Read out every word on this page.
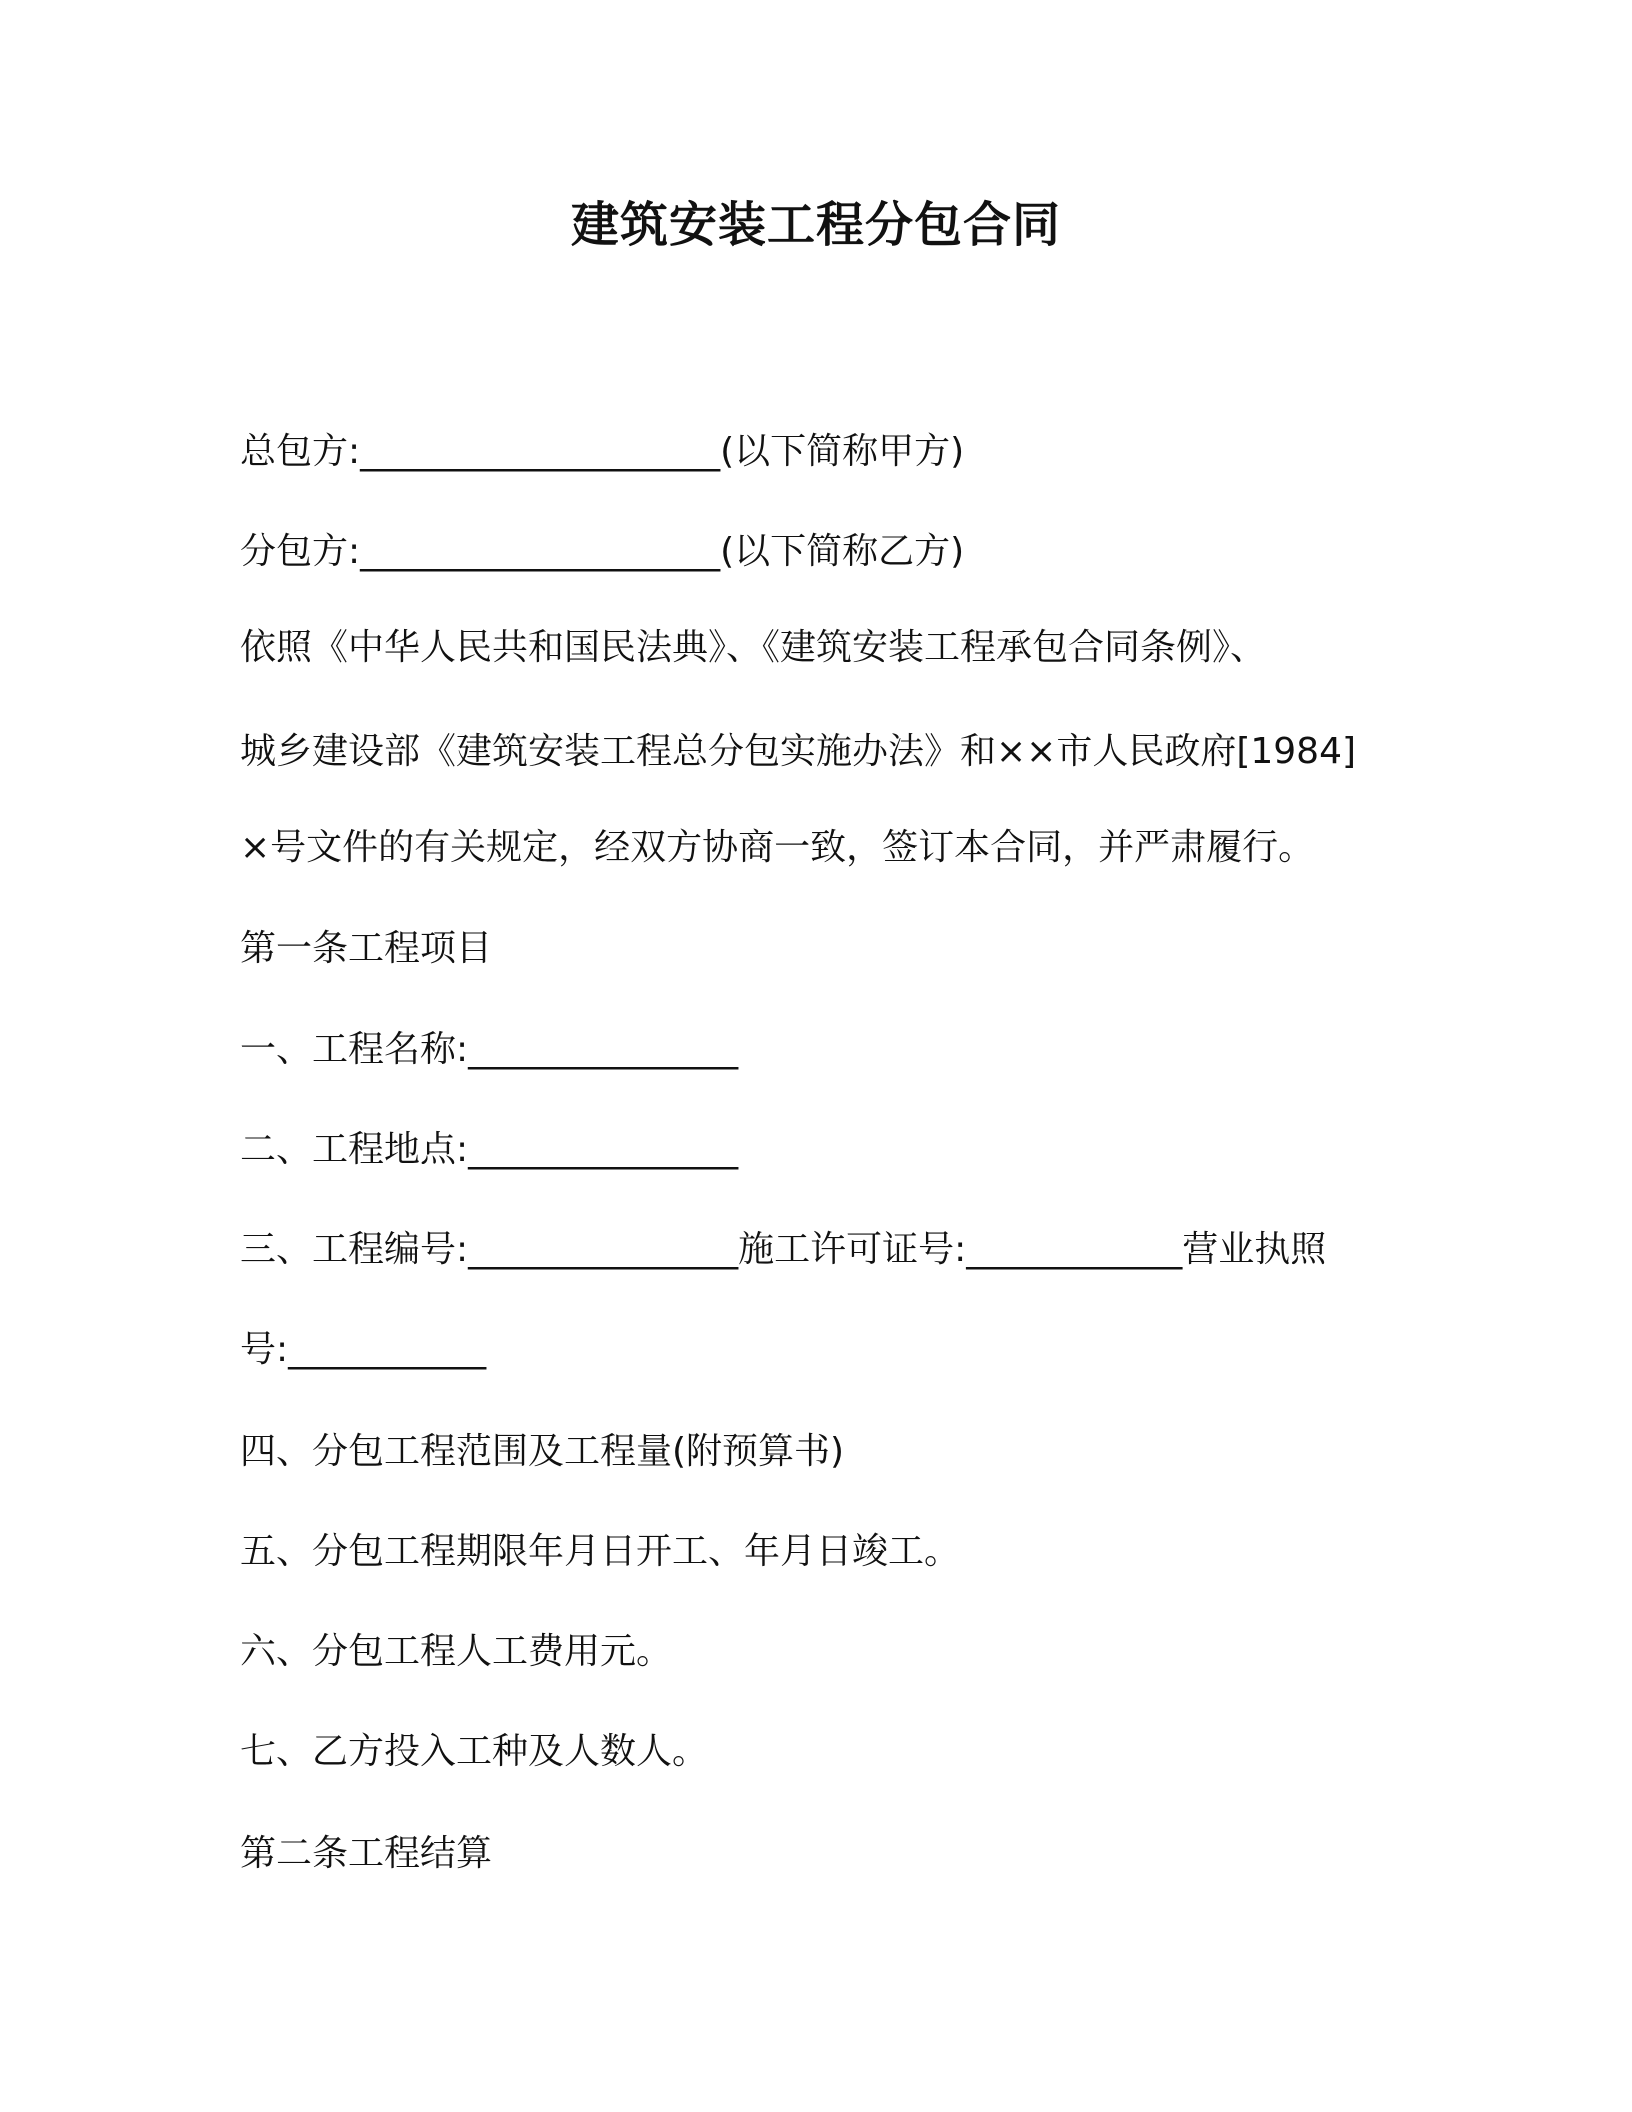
建筑安装工程分包合同
总包方:____________________(以下简称甲方)
分包方:____________________(以下简称乙方)
依照《中华人民共和国民法典》、《建筑安装工程承包合同条例》、
城乡建设部《建筑安装工程总分包实施办法》和××市人民政府[1984]
×号文件的有关规定，经双方协商一致，签订本合同，并严肃履行。
第一条工程项目
一、工程名称:_______________
二、工程地点:_______________
三、工程编号:_______________施工许可证号:____________营业执照
号:___________
四、分包工程范围及工程量(附预算书)
五、分包工程期限年月日开工、年月日竣工。
六、分包工程人工费用元。
七、乙方投入工种及人数人。
第二条工程结算
